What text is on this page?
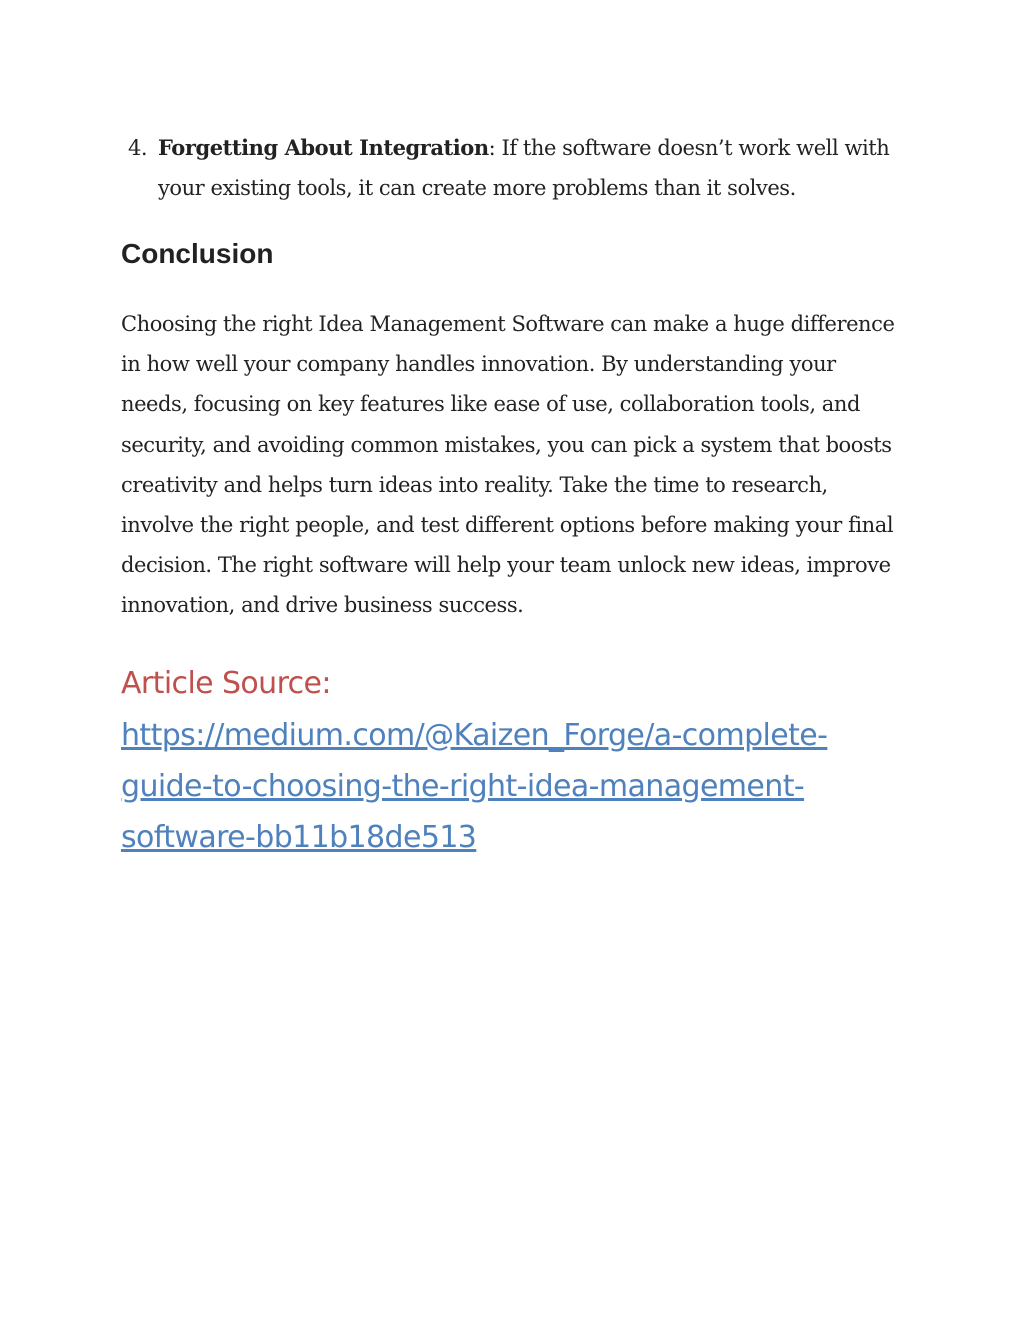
4. Forgetting About Integration: If the software doesn’t work well with your existing tools, it can create more problems than it solves.

Conclusion

Choosing the right Idea Management Software can make a huge difference in how well your company handles innovation. By understanding your needs, focusing on key features like ease of use, collaboration tools, and security, and avoiding common mistakes, you can pick a system that boosts creativity and helps turn ideas into reality. Take the time to research, involve the right people, and test different options before making your final decision. The right software will help your team unlock new ideas, improve innovation, and drive business success.

Article Source:
https://medium.com/@Kaizen_Forge/a-complete-
guide-to-choosing-the-right-idea-management-
software-bb11b18de513
